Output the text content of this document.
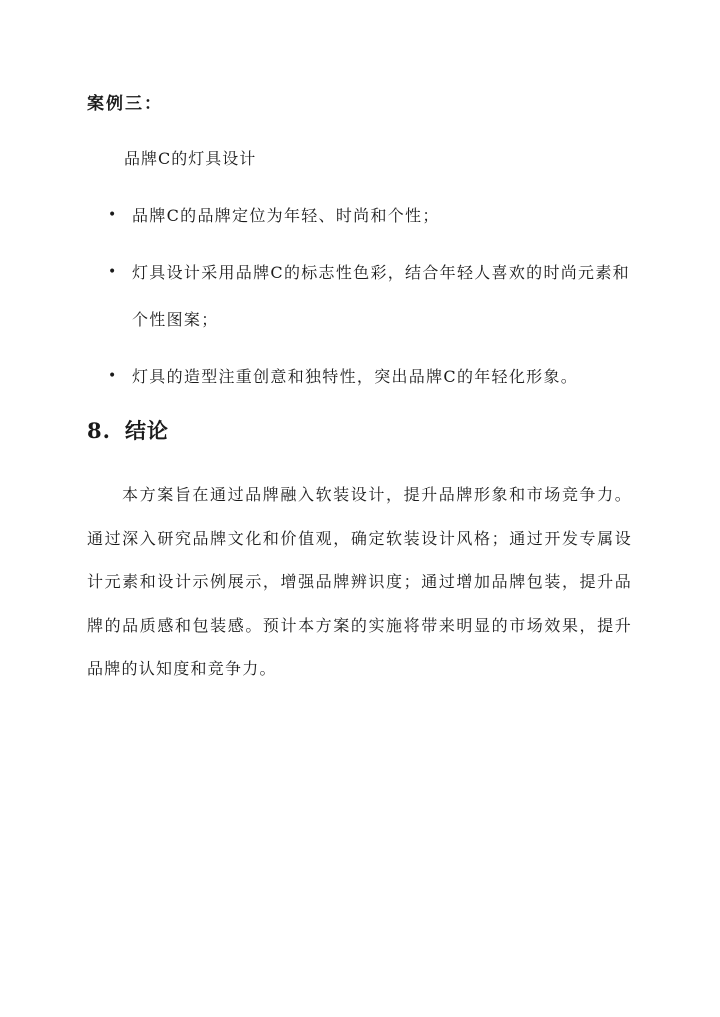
案例三：
品牌C的灯具设计
• 品牌C的品牌定位为年轻、时尚和个性；
• 灯具设计采用品牌C的标志性色彩，结合年轻人喜欢的时尚元素和个性图案；
• 灯具的造型注重创意和独特性，突出品牌C的年轻化形象。
8. 结论

本方案旨在通过品牌融入软装设计，提升品牌形象和市场竞争力。通过深入研究品牌文化和价值观，确定软装设计风格；通过开发专属设计元素和设计示例展示，增强品牌辨识度；通过增加品牌包装，提升品牌的品质感和包装感。预计本方案的实施将带来明显的市场效果，提升品牌的认知度和竞争力。
